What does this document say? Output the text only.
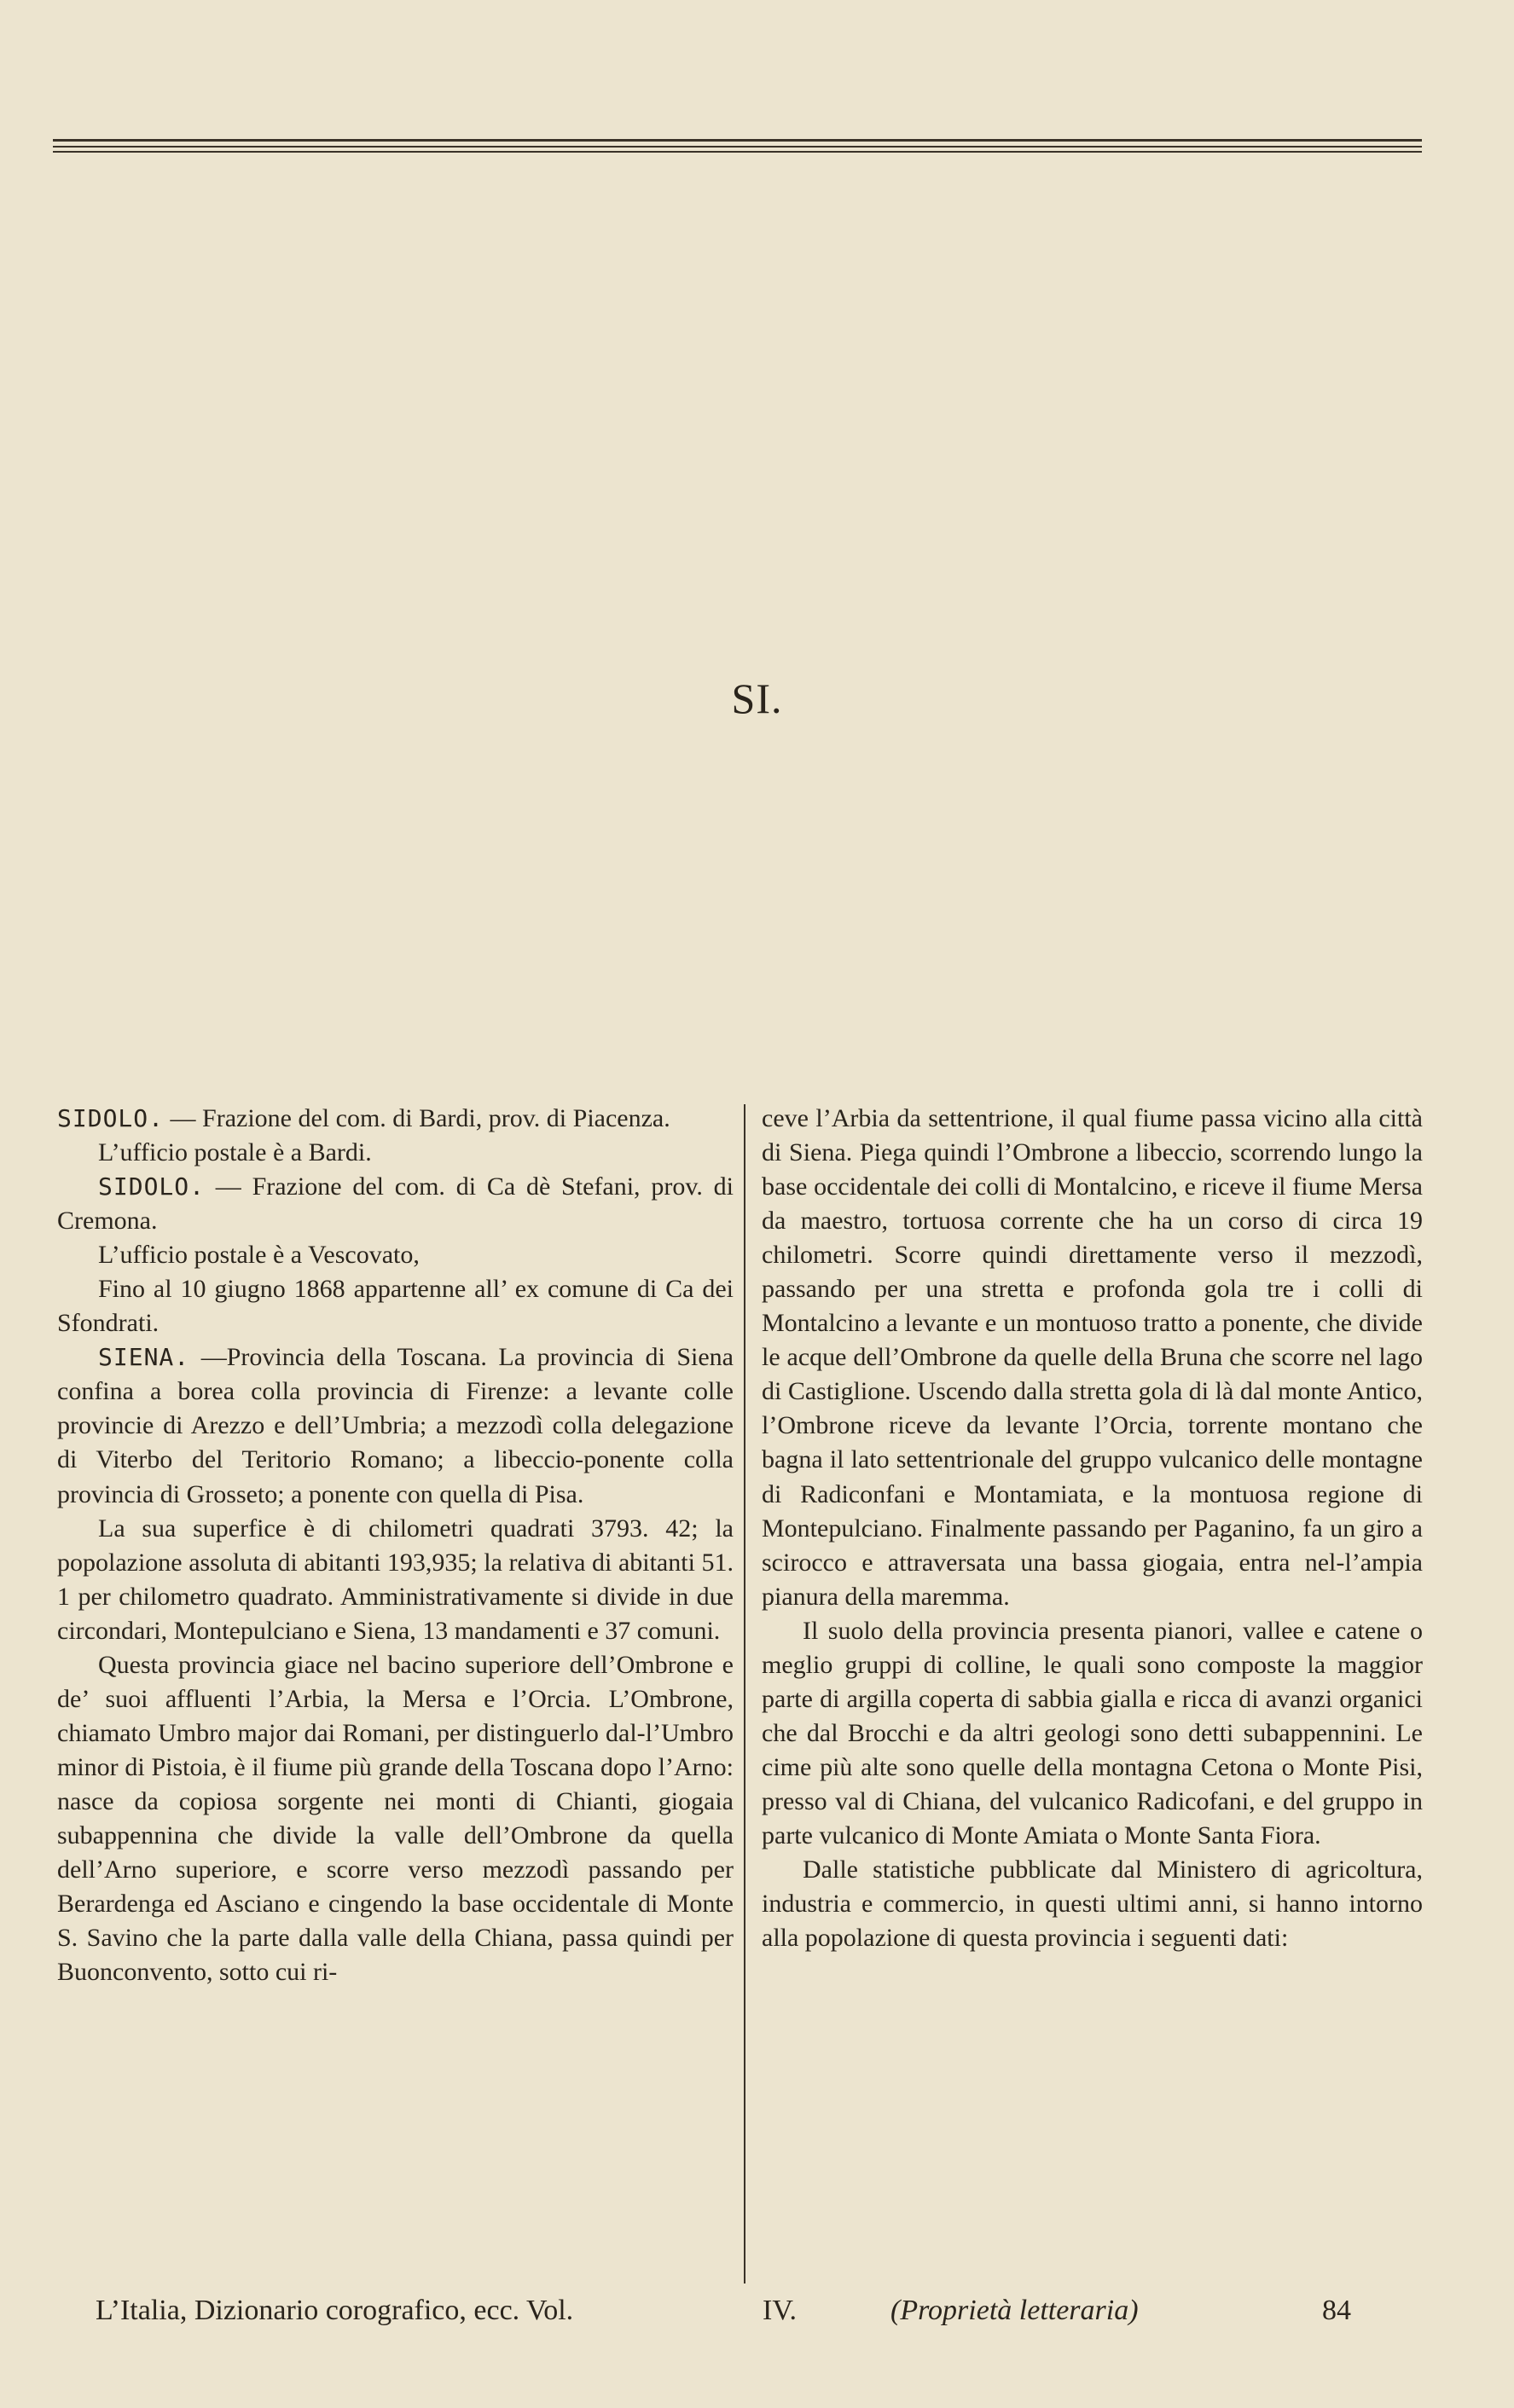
SI.

SIDOLO. — Frazione del com. di Bardi, prov. di Piacenza.

L’ufficio postale è a Bardi.

SIDOLO. — Frazione del com. di Ca dè Stefani, prov. di Cremona.

L’ufficio postale è a Vescovato,

Fino al 10 giugno 1868 appartenne all’ ex comune di Ca dei Sfondrati.

SIENA. —Provincia della Toscana. La provincia di Siena confina a borea colla provincia di Firenze: a levante colle provincie di Arezzo e dell’Umbria; a mezzodì colla delegazione di Viterbo del Teritorio Romano; a libeccio-ponente colla provincia di Grosseto; a ponente con quella di Pisa.

La sua superfice è di chilometri quadrati 3793. 42; la popolazione assoluta di abitanti 193,935; la relativa di abitanti 51. 1 per chilometro quadrato. Amministrativamente si divide in due circondari, Montepulciano e Siena, 13 mandamenti e 37 comuni.

Questa provincia giace nel bacino superiore dell’Ombrone e de’ suoi affluenti l’Arbia, la Mersa e l’Orcia. L’Ombrone, chiamato Umbro major dai Romani, per distinguerlo dal-l’Umbro minor di Pistoia, è il fiume più grande della Toscana dopo l’Arno: nasce da copiosa sorgente nei monti di Chianti, giogaia subappennina che divide la valle dell’Ombrone da quella dell’Arno superiore, e scorre verso mezzodì passando per Berardenga ed Asciano e cingendo la base occidentale di Monte S. Savino che la parte dalla valle della Chiana, passa quindi per Buonconvento, sotto cui ri-

ceve l’Arbia da settentrione, il qual fiume passa vicino alla città di Siena. Piega quindi l’Ombrone a libeccio, scorrendo lungo la base occidentale dei colli di Montalcino, e riceve il fiume Mersa da maestro, tortuosa corrente che ha un corso di circa 19 chilometri. Scorre quindi direttamente verso il mezzodì, passando per una stretta e profonda gola tre i colli di Montalcino a levante e un montuoso tratto a ponente, che divide le acque dell’Ombrone da quelle della Bruna che scorre nel lago di Castiglione. Uscendo dalla stretta gola di là dal monte Antico, l’Ombrone riceve da levante l’Orcia, torrente montano che bagna il lato settentrionale del gruppo vulcanico delle montagne di Radiconfani e Montamiata, e la montuosa regione di Montepulciano. Finalmente passando per Paganino, fa un giro a scirocco e attraversata una bassa giogaia, entra nel-l’ampia pianura della maremma.

Il suolo della provincia presenta pianori, vallee e catene o meglio gruppi di colline, le quali sono composte la maggior parte di argilla coperta di sabbia gialla e ricca di avanzi organici che dal Brocchi e da altri geologi sono detti subappennini. Le cime più alte sono quelle della montagna Cetona o Monte Pisi, presso val di Chiana, del vulcanico Radicofani, e del gruppo in parte vulcanico di Monte Amiata o Monte Santa Fiora.

Dalle statistiche pubblicate dal Ministero di agricoltura, industria e commercio, in questi ultimi anni, si hanno intorno alla popolazione di questa provincia i seguenti dati:

L’Italia, Dizionario corografico, ecc. Vol.	IV.	(Proprietà letteraria)	84
